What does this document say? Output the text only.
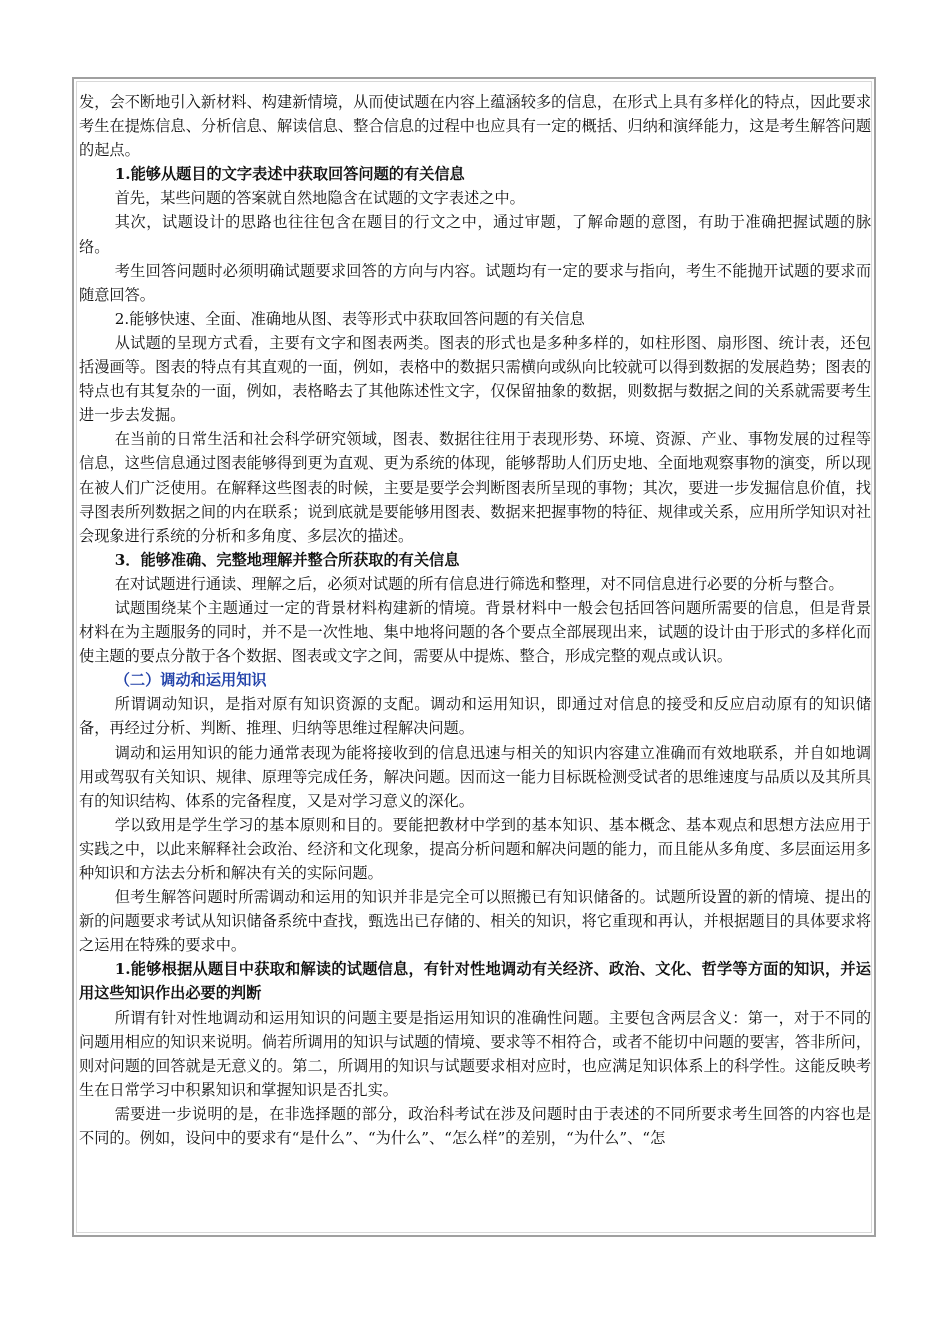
发，会不断地引入新材料、构建新情境，从而使试题在内容上蕴涵较多的信息，在形式上具有多样化的特点，因此要求考生在提炼信息、分析信息、解读信息、整合信息的过程中也应具有一定的概括、归纳和演绎能力，这是考生解答问题的起点。

1.能够从题目的文字表述中获取回答问题的有关信息

首先，某些问题的答案就自然地隐含在试题的文字表述之中。

其次，试题设计的思路也往往包含在题目的行文之中，通过审题，了解命题的意图，有助于准确把握试题的脉络。

考生回答问题时必须明确试题要求回答的方向与内容。试题均有一定的要求与指向，考生不能抛开试题的要求而随意回答。

2.能够快速、全面、准确地从图、表等形式中获取回答问题的有关信息

从试题的呈现方式看，主要有文字和图表两类。图表的形式也是多种多样的，如柱形图、扇形图、统计表，还包括漫画等。图表的特点有其直观的一面，例如，表格中的数据只需横向或纵向比较就可以得到数据的发展趋势；图表的特点也有其复杂的一面，例如，表格略去了其他陈述性文字，仅保留抽象的数据，则数据与数据之间的关系就需要考生进一步去发掘。

在当前的日常生活和社会科学研究领域，图表、数据往往用于表现形势、环境、资源、产业、事物发展的过程等信息，这些信息通过图表能够得到更为直观、更为系统的体现，能够帮助人们历史地、全面地观察事物的演变，所以现在被人们广泛使用。在解释这些图表的时候，主要是要学会判断图表所呈现的事物；其次，要进一步发掘信息价值，找寻图表所列数据之间的内在联系；说到底就是要能够用图表、数据来把握事物的特征、规律或关系，应用所学知识对社会现象进行系统的分析和多角度、多层次的描述。

3．能够准确、完整地理解并整合所获取的有关信息

在对试题进行通读、理解之后，必须对试题的所有信息进行筛选和整理，对不同信息进行必要的分析与整合。

试题围绕某个主题通过一定的背景材料构建新的情境。背景材料中一般会包括回答问题所需要的信息，但是背景材料在为主题服务的同时，并不是一次性地、集中地将问题的各个要点全部展现出来，试题的设计由于形式的多样化而使主题的要点分散于各个数据、图表或文字之间，需要从中提炼、整合，形成完整的观点或认识。

（二）调动和运用知识

所谓调动知识，是指对原有知识资源的支配。调动和运用知识，即通过对信息的接受和反应启动原有的知识储备，再经过分析、判断、推理、归纳等思维过程解决问题。

调动和运用知识的能力通常表现为能将接收到的信息迅速与相关的知识内容建立准确而有效地联系，并自如地调用或驾驭有关知识、规律、原理等完成任务，解决问题。因而这一能力目标既检测受试者的思维速度与品质以及其所具有的知识结构、体系的完备程度，又是对学习意义的深化。

学以致用是学生学习的基本原则和目的。要能把教材中学到的基本知识、基本概念、基本观点和思想方法应用于实践之中，以此来解释社会政治、经济和文化现象，提高分析问题和解决问题的能力，而且能从多角度、多层面运用多种知识和方法去分析和解决有关的实际问题。

但考生解答问题时所需调动和运用的知识并非是完全可以照搬已有知识储备的。试题所设置的新的情境、提出的新的问题要求考试从知识储备系统中查找，甄选出已存储的、相关的知识，将它重现和再认，并根据题目的具体要求将之运用在特殊的要求中。

1.能够根据从题目中获取和解读的试题信息，有针对性地调动有关经济、政治、文化、哲学等方面的知识，并运用这些知识作出必要的判断

所谓有针对性地调动和运用知识的问题主要是指运用知识的准确性问题。主要包含两层含义：第一，对于不同的问题用相应的知识来说明。倘若所调用的知识与试题的情境、要求等不相符合，或者不能切中问题的要害，答非所问，则对问题的回答就是无意义的。第二，所调用的知识与试题要求相对应时，也应满足知识体系上的科学性。这能反映考生在日常学习中积累知识和掌握知识是否扎实。

需要进一步说明的是，在非选择题的部分，政治科考试在涉及问题时由于表述的不同所要求考生回答的内容也是不同的。例如，设问中的要求有“是什么”、“为什么”、“怎么样”的差别，“为什么”、“怎
